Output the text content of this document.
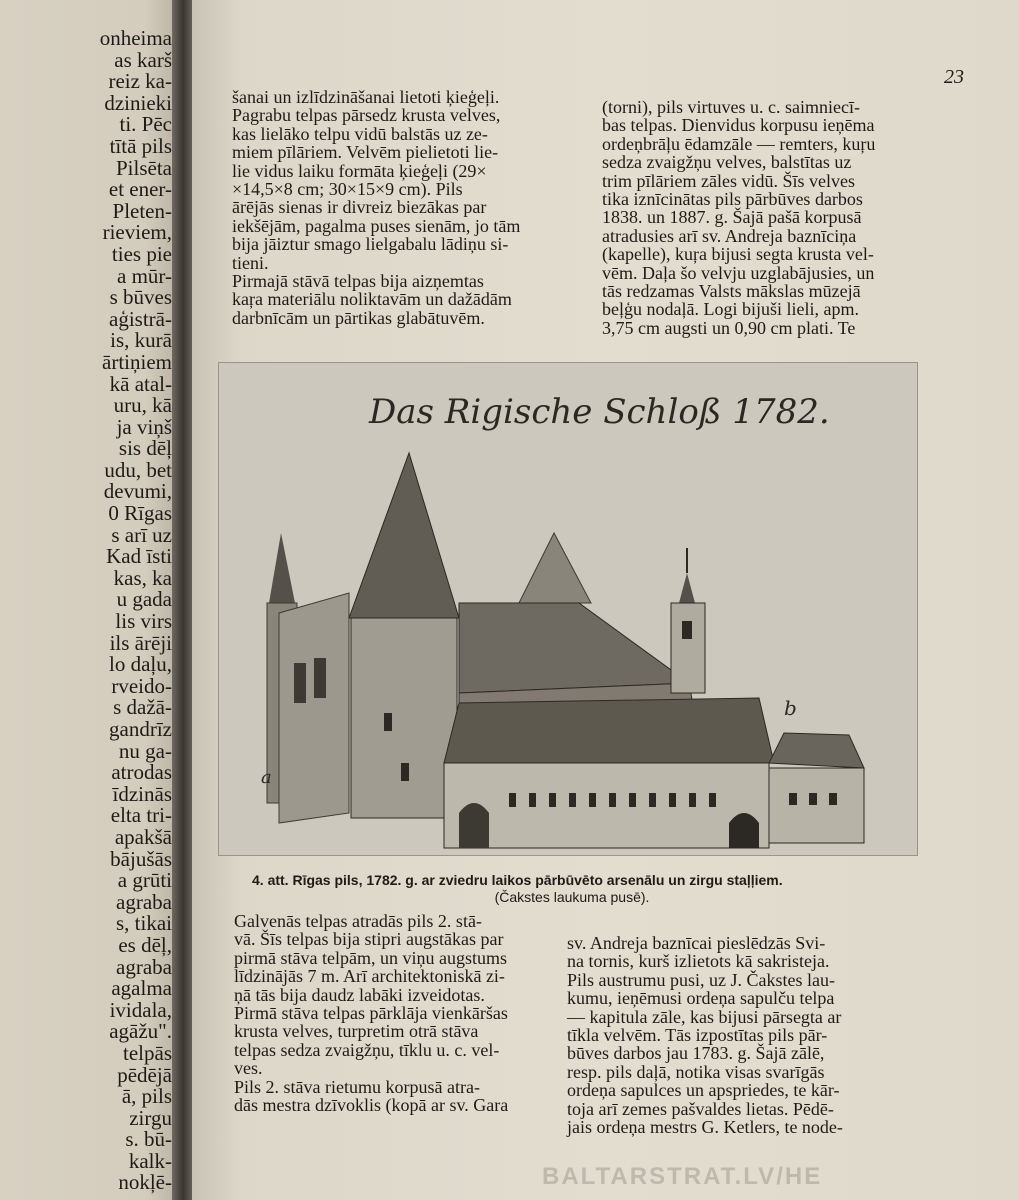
onheima
as karš
reiz ka-
dzinieki
ti. Pēc
tītā pils
Pilsēta
et ener-
Pleten-
rieviem,
ties pie
a mūr-
s būves
aģistrā-
is, kurā
ārtiņiem
kā atal-
uru, kā
ja viņš
sis dēļ
udu, bet
devumi,
0 Rīgas
s arī uz
Kad īsti
kas, ka
u gada
lis virs
ils ārēji
lo daļu,
rveido-
s dažā-
gandrīz
nu ga-
atrodas
īdzinās
elta tri-
apakšā
bājušās
a grūti
agraba
s, tikai
es dēļ,
agraba
agalma
ividala,
agāžu".
telpās
pēdējā
ā, pils
zirgu
s. bū-
kalk-
nokļē-
23
šanai un izlīdzināšanai lietoti ķieģeļi.
Pagrabu telpas pārsedz krusta velves,
kas lielāko telpu vidū balstās uz ze-
miem pīlāriem. Velvēm pielietoti lie-
lie vidus laiku formāta ķieģeļi (29×
×14,5×8 cm; 30×15×9 cm). Pils
ārējās sienas ir divreiz biezākas par
iekšējām, pagalma puses sienām, jo tām
bija jāiztur smago lielgabalu lādiņu si-
tieni.
Pirmajā stāvā telpas bija aizņemtas
kaŗa materiālu noliktavām un dažādām
darbnīcām un pārtikas glabātuvēm.
(torni), pils virtuves u. c. saimniecī-
bas telpas. Dienvidus korpusu ieņēma
ordeņbrāļu ēdamzāle — remters, kuŗu
sedza zvaigžņu velves, balstītas uz
trim pīlāriem zāles vidū. Šīs velves
tika iznīcinātas pils pārbūves darbos
1838. un 1887. g. Šajā pašā korpusā
atradusies arī sv. Andreja baznīciņa
(kapelle), kuŗa bijusi segta krusta vel-
vēm. Daļa šo velvju uzglabājusies, un
tās redzamas Valsts mākslas mūzejā
beļģu nodaļā. Logi bijuši lieli, apm.
3,75 cm augsti un 0,90 cm plati. Te
Das Rigische Schloß 1782.
a
b
4. att. Rīgas pils, 1782. g. ar zviedru laikos pārbūvēto arsenālu un zirgu staļļiem.
(Čakstes laukuma pusē).
Galvenās telpas atradās pils 2. stā-
vā. Šīs telpas bija stipri augstākas par
pirmā stāva telpām, un viņu augstums
līdzinājās 7 m. Arī architektoniskā zi-
ņā tās bija daudz labāki izveidotas.
Pirmā stāva telpas pārklāja vienkāršas
krusta velves, turpretim otrā stāva
telpas sedza zvaigžņu, tīklu u. c. vel-
ves.
Pils 2. stāva rietumu korpusā atra-
dās mestra dzīvoklis (kopā ar sv. Gara
sv. Andreja baznīcai pieslēdzās Svi-
na tornis, kurš izlietots kā sakristeja.
Pils austrumu pusi, uz J. Čakstes lau-
kumu, ieņēmusi ordeņa sapulču telpa
— kapitula zāle, kas bijusi pārsegta ar
tīkla velvēm. Tās izpostītas pils pār-
būves darbos jau 1783. g. Šajā zālē,
resp. pils daļā, notika visas svarīgās
ordeņa sapulces un apspriedes, te kār-
toja arī zemes pašvaldes lietas. Pēdē-
jais ordeņa mestrs G. Ketlers, te node-
BALTARSTRAT.LV/HE
